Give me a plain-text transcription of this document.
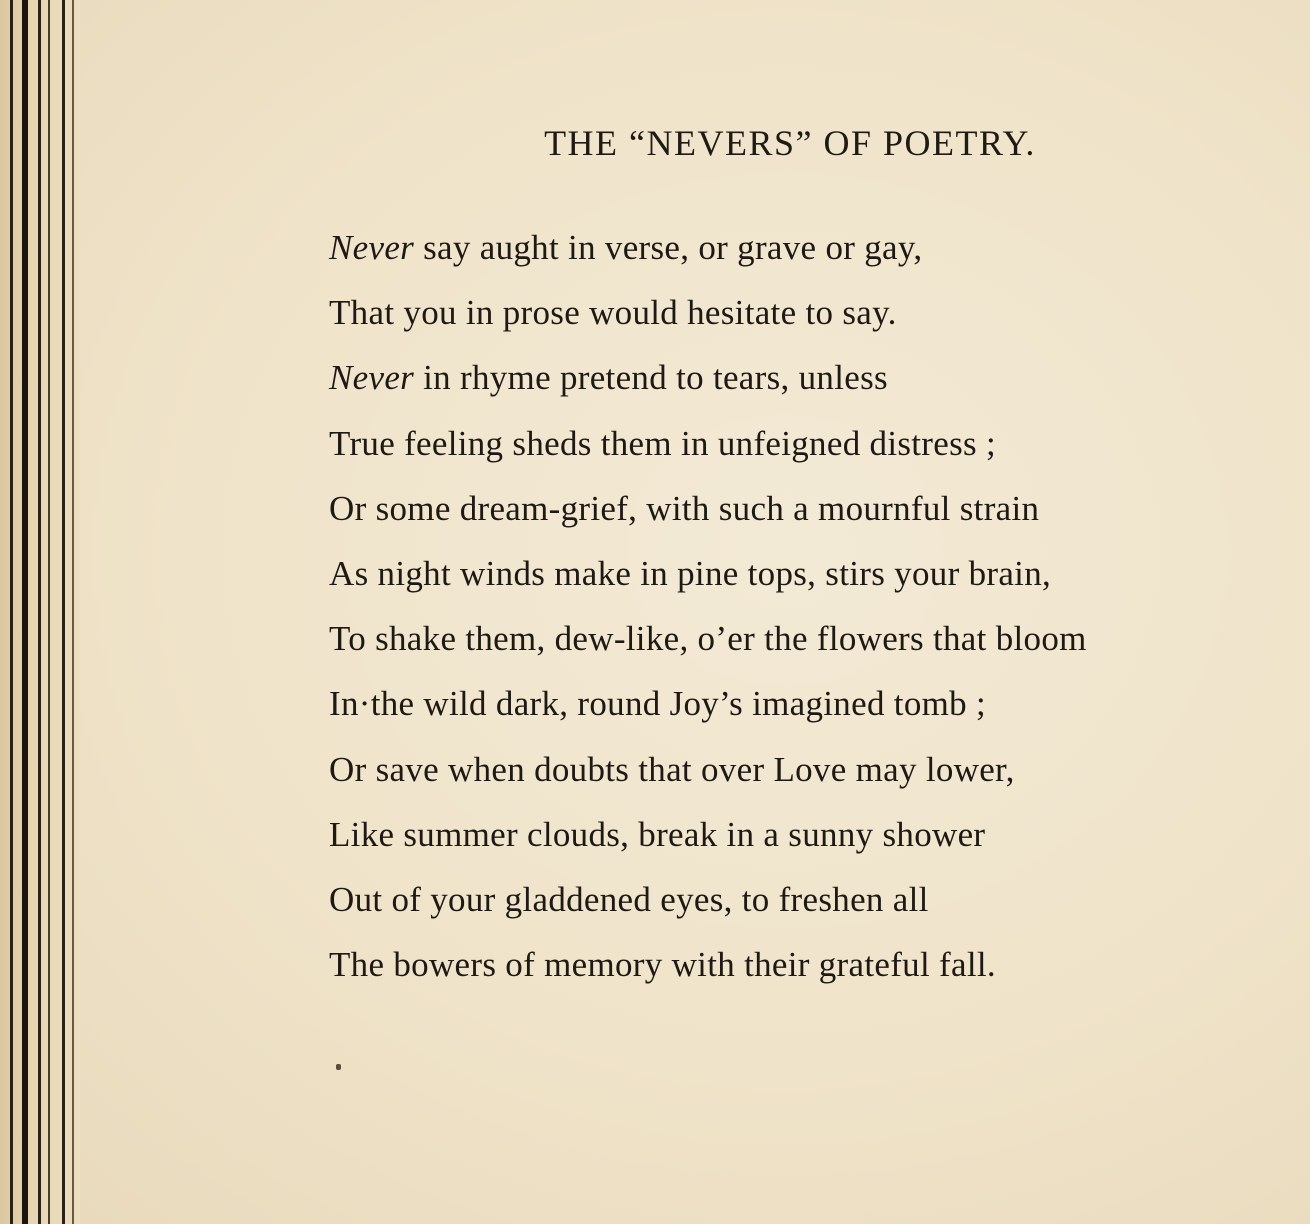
THE “NEVERS” OF POETRY.
Never say aught in verse, or grave or gay,
That you in prose would hesitate to say.
Never in rhyme pretend to tears, unless
True feeling sheds them in unfeigned distress ;
Or some dream-grief, with such a mournful strain
As night winds make in pine tops, stirs your brain,
To shake them, dew-like, o’er the flowers that bloom
In·the wild dark, round Joy’s imagined tomb ;
Or save when doubts that over Love may lower,
Like summer clouds, break in a sunny shower
Out of your gladdened eyes, to freshen all
The bowers of memory with their grateful fall.
